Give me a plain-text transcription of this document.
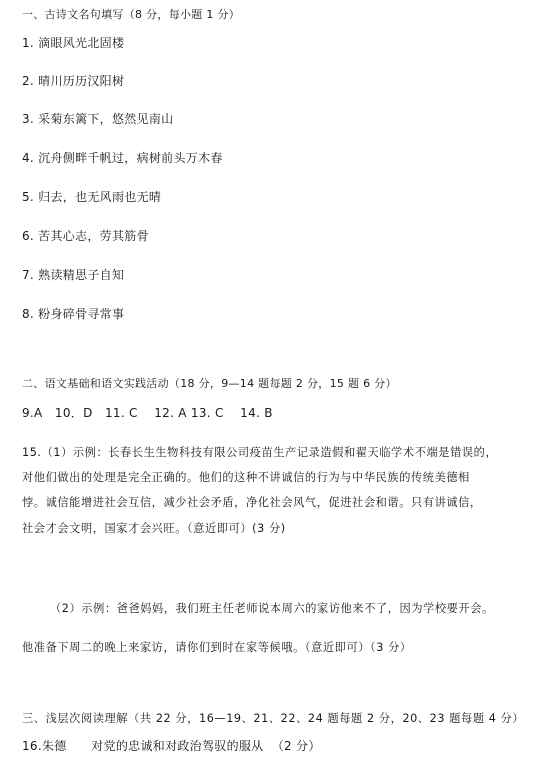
一、古诗文名句填写（8 分，每小题 1 分）
1. 滴眼风光北固楼
2. 晴川历历汉阳树
3. 采菊东篱下，悠然见南山
4. 沉舟侧畔千帆过，病树前头万木春
5. 归去，也无风雨也无晴
6. 苦其心志，劳其筋骨
7. 熟读精思子自知
8. 粉身碎骨寻常事
二、语文基础和语文实践活动（18 分，9—14 题每题 2 分，15 题 6 分）
9.A   10．D   11. C    12. A 13. C    14. B
15.（1）示例：长春长生生物科技有限公司疫苗生产记录造假和翟天临学术不端是错误的，
对他们做出的处理是完全正确的。他们的这种不讲诚信的行为与中华民族的传统美德相
悖。诚信能增进社会互信，减少社会矛盾，净化社会风气，促进社会和谐。只有讲诚信，
社会才会文明，国家才会兴旺。（意近即可）(3 分)
（2）示例：爸爸妈妈，我们班主任老师说本周六的家访他来不了，因为学校要开会。
他准备下周二的晚上来家访，请你们到时在家等候哦。（意近即可）（3 分）
三、浅层次阅读理解（共 22 分，16—19、21、22、24 题每题 2 分，20、23 题每题 4 分）
16.朱德      对党的忠诚和对政治驾驭的服从  （2 分）
